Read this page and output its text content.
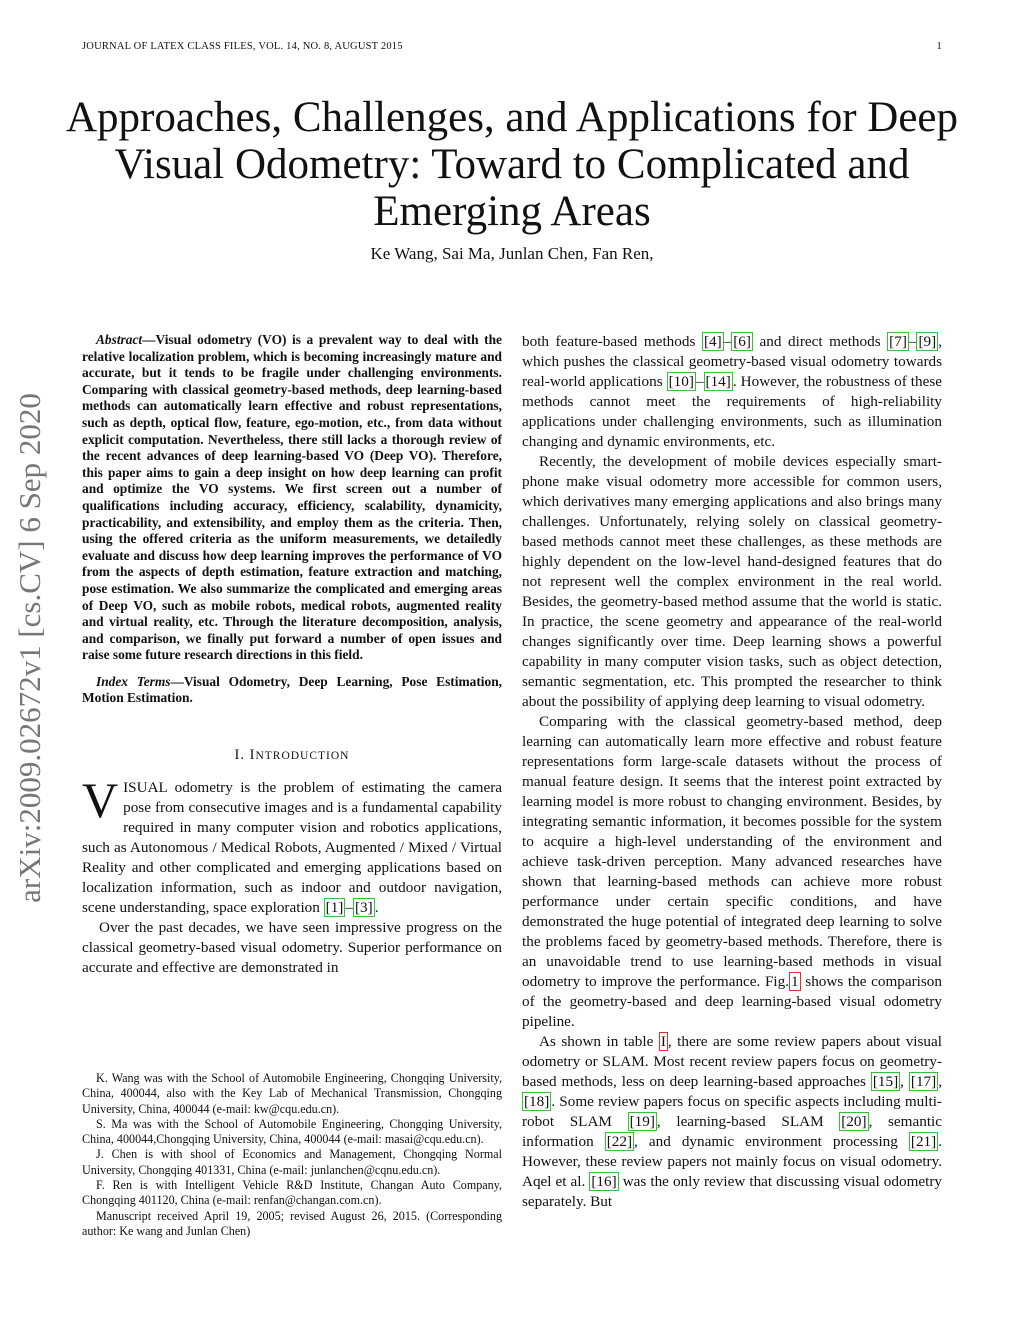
JOURNAL OF LATEX CLASS FILES, VOL. 14, NO. 8, AUGUST 2015	1
Approaches, Challenges, and Applications for Deep Visual Odometry: Toward to Complicated and Emerging Areas
Ke Wang, Sai Ma, Junlan Chen, Fan Ren,
arXiv:2009.02672v1 [cs.CV] 6 Sep 2020

Abstract—Visual odometry (VO) is a prevalent way to deal with the relative localization problem, which is becoming increasingly mature and accurate, but it tends to be fragile under challenging environments. Comparing with classical geometry-based methods, deep learning-based methods can automatically learn effective and robust representations, such as depth, optical flow, feature, ego-motion, etc., from data without explicit computation. Nevertheless, there still lacks a thorough review of the recent advances of deep learning-based VO (Deep VO). Therefore, this paper aims to gain a deep insight on how deep learning can profit and optimize the VO systems. We first screen out a number of qualifications including accuracy, efficiency, scalability, dynamicity, practicability, and extensibility, and employ them as the criteria. Then, using the offered criteria as the uniform measurements, we detailedly evaluate and discuss how deep learning improves the performance of VO from the aspects of depth estimation, feature extraction and matching, pose estimation. We also summarize the complicated and emerging areas of Deep VO, such as mobile robots, medical robots, augmented reality and virtual reality, etc. Through the literature decomposition, analysis, and comparison, we finally put forward a number of open issues and raise some future research directions in this field.

Index Terms—Visual Odometry, Deep Learning, Pose Estimation, Motion Estimation.

I. INTRODUCTION

VISUAL odometry is the problem of estimating the camera pose from consecutive images and is a fundamental capability required in many computer vision and robotics applications, such as Autonomous / Medical Robots, Augmented / Mixed / Virtual Reality and other complicated and emerging applications based on localization information, such as indoor and outdoor navigation, scene understanding, space exploration [1] – [3] .

Over the past decades, we have seen impressive progress on the classical geometry-based visual odometry. Superior performance on accurate and effective are demonstrated in

K. Wang was with the School of Automobile Engineering, Chongqing University, China, 400044, also with the Key Lab of Mechanical Transmission, Chongqing University, China, 400044 (e-mail: kw@cqu.edu.cn).

S. Ma was with the School of Automobile Engineering, Chongqing University, China, 400044,Chongqing University, China, 400044 (e-mail: masai@cqu.edu.cn).

J. Chen is with shool of Economics and Management, Chongqing Normal University, Chongqing 401331, China (e-mail: junlanchen@cqnu.edu.cn).

F. Ren is with Intelligent Vehicle R&D Institute, Changan Auto Company, Chongqing 401120, China (e-mail: renfan@changan.com.cn).

Manuscript received April 19, 2005; revised August 26, 2015. (Corresponding author: Ke wang and Junlan Chen)

both feature-based methods [4] – [6] and direct methods [7] – [9] , which pushes the classical geometry-based visual odometry towards real-world applications [10] – [14] . However, the robustness of these methods cannot meet the requirements of high-reliability applications under challenging environments, such as illumination changing and dynamic environments, etc.

Recently, the development of mobile devices especially smart-phone make visual odometry more accessible for common users, which derivatives many emerging applications and also brings many challenges. Unfortunately, relying solely on classical geometry-based methods cannot meet these challenges, as these methods are highly dependent on the low-level hand-designed features that do not represent well the complex environment in the real world. Besides, the geometry-based method assume that the world is static. In practice, the scene geometry and appearance of the real-world changes significantly over time. Deep learning shows a powerful capability in many computer vision tasks, such as object detection, semantic segmentation, etc. This prompted the researcher to think about the possibility of applying deep learning to visual odometry.

Comparing with the classical geometry-based method, deep learning can automatically learn more effective and robust feature representations form large-scale datasets without the process of manual feature design. It seems that the interest point extracted by learning model is more robust to changing environment. Besides, by integrating semantic information, it becomes possible for the system to acquire a high-level understanding of the environment and achieve task-driven perception. Many advanced researches have shown that learning-based methods can achieve more robust performance under certain specific conditions, and have demonstrated the huge potential of integrated deep learning to solve the problems faced by geometry-based methods. Therefore, there is an unavoidable trend to use learning-based methods in visual odometry to improve the performance. Fig. 1 shows the comparison of the geometry-based and deep learning-based visual odometry pipeline.

As shown in table I , there are some review papers about visual odometry or SLAM. Most recent review papers focus on geometry-based methods, less on deep learning-based approaches [15] , [17] , [18] . Some review papers focus on specific aspects including multi-robot SLAM [19] , learning-based SLAM [20] , semantic information [22] , and dynamic environment processing [21] . However, these review papers not mainly focus on visual odometry. Aqel et al. [16] was the only review that discussing visual odometry separately. But
